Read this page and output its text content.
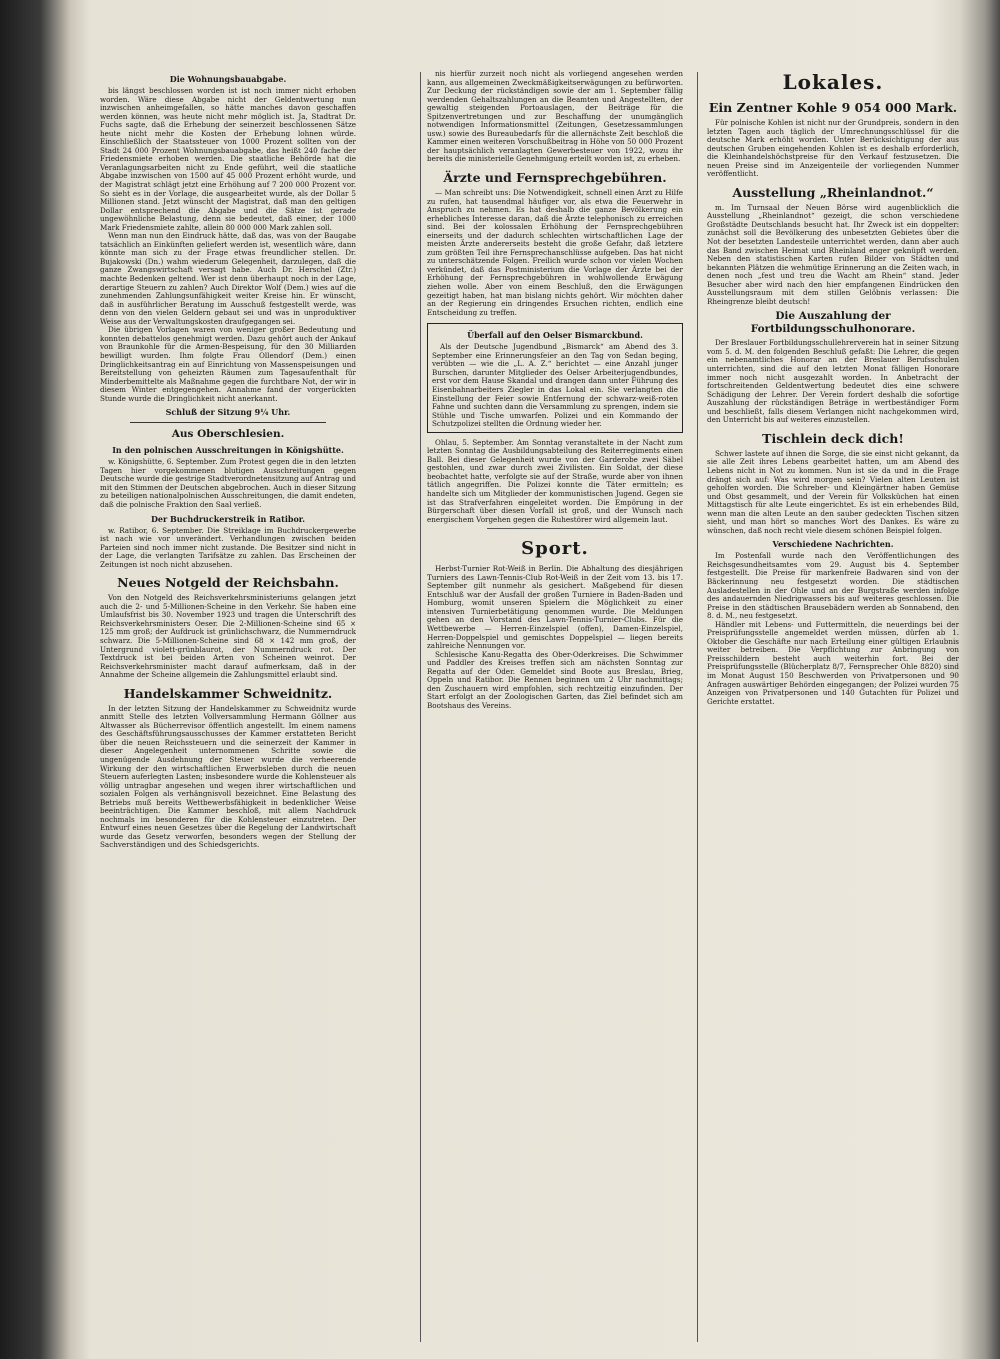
Die Wohnungsbauabgabe.

bis längst beschlossen worden ist ist noch immer nicht erhoben worden. Wäre diese Abgabe nicht der Geldentwertung nun inzwischen anheimgefallen, so hätte manches davon geschaffen werden können, was heute nicht mehr möglich ist. Ja, Stadtrat Dr. Fuchs sagte, daß die Erhebung der seinerzeit beschlossenen Sätze heute nicht mehr die Kosten der Erhebung lohnen würde. Einschließlich der Staatssteuer von 1000 Prozent sollten von der Stadt 24 000 Prozent Wohnungsbauabgabe, das heißt 240 fache der Friedensmiete erhoben werden. Die staatliche Behörde hat die Veranlagungsarbeiten nicht zu Ende geführt, weil die staatliche Abgabe inzwischen von 1500 auf 45 000 Prozent erhöht wurde, und der Magistrat schlägt jetzt eine Erhöhung auf 7 200 000 Prozent vor. So sieht es in der Vorlage, die ausgearbeitet wurde, als der Dollar 5 Millionen stand. Jetzt wünscht der Magistrat, daß man den geltigen Dollar entsprechend die Abgabe und die Sätze ist gerade ungewöhnliche Belastung, denn sie bedeutet, daß einer, der 1000 Mark Friedensmiete zahlte, allein 80 000 000 Mark zahlen soll.

Wenn man nun den Eindruck hätte, daß das, was von der Baugabe tatsächlich an Einkünften geliefert werden ist, wesentlich wäre, dann könnte man sich zu der Frage etwas freundlicher stellen. Dr. Bujakowski (Dn.) wahm wiederum Gelegenheit, darzulegen, daß die ganze Zwangswirtschaft versagt habe. Auch Dr. Herschel (Ztr.) machte Bedenken geltend. Wer ist denn überhaupt noch in der Lage, derartige Steuern zu zahlen? Auch Direktor Wolf (Dem.) wies auf die zunehmenden Zahlungsunfähigkeit weiter Kreise hin. Er wünscht, daß in ausführlicher Beratung im Ausschuß festgestellt werde, was denn von den vielen Geldern gebaut sei und was in unproduktiver Weise aus der Verwaltungskosten draufgegangen sei.

Die übrigen Vorlagen waren von weniger großer Bedeutung und konnten debattelos genehmigt werden. Dazu gehört auch der Ankauf von Braunkohle für die Armen-Bespeisung, für den 30 Milliarden bewilligt wurden. Ihm folgte Frau Ollendorf (Dem.) einen Dringlichkeitsantrag ein auf Einrichtung von Massenspeisungen und Bereitstellung von geheizten Räumen zum Tagesaufenthalt für Minderbemittelte als Maßnahme gegen die furchtbare Not, der wir in diesem Winter entgegengehen. Annahme fand der vorgerückten Stunde wurde die Dringlichkeit nicht anerkannt.

Schluß der Sitzung 9¼ Uhr.
Aus Oberschlesien.
In den polnischen Ausschreitungen in Königshütte.

w. Königshütte, 6. September. Zum Protest gegen die in den letzten Tagen hier vorgekommenen blutigen Ausschreitungen gegen Deutsche wurde die gestrige Stadtverordnetensitzung auf Antrag und mit den Stimmen der Deutschen abgebrochen. Auch in dieser Sitzung zu beteiligen nationalpolnischen Ausschreitungen, die damit endeten, daß die polnische Fraktion den Saal verließ.

Der Buchdruckerstreik in Ratibor.

w. Ratibor, 6. September. Die Streiklage im Buchdruckergewerbe ist nach wie vor unverändert. Verhandlungen zwischen beiden Parteien sind noch immer nicht zustande. Die Besitzer sind nicht in der Lage, die verlangten Tarifsätze zu zahlen. Das Erscheinen der Zeitungen ist noch nicht abzusehen.

Neues Notgeld der Reichsbahn.

Von den Notgeld des Reichsverkehrsministeriums gelangen jetzt auch die 2- und 5-Millionen-Scheine in den Verkehr. Sie haben eine Umlaufsfrist bis 30. November 1923 und tragen die Unterschrift des Reichsverkehrsministers Oeser. Die 2-Millionen-Scheine sind 65 × 125 mm groß; der Aufdruck ist grünlichschwarz, die Nummerndruck schwarz. Die 5-Millionen-Scheine sind 68 × 142 mm groß, der Untergrund violett-grünblaurot, der Nummerndruck rot. Der Textdruck ist bei beiden Arten von Scheinen weinrot. Der Reichsverkehrsminister macht darauf aufmerksam, daß in der Annahme der Scheine allgemein die Zahlungsmittel erlaubt sind.

Handelskammer Schweidnitz.

In der letzten Sitzung der Handelskammer zu Schweidnitz wurde anmitt Stelle des letzten Vollversammlung Hermann Göllner aus Altwasser als Bücherrevisor öffentlich angestellt. Im einem namens des Geschäftsführungsausschusses der Kammer erstatteten Bericht über die neuen Reichssteuern und die seinerzeit der Kammer in dieser Angelegenheit unternommenen Schritte sowie die ungenügende Ausdehnung der Steuer wurde die verheerende Wirkung der den wirtschaftlichen Erwerbsleben durch die neuen Steuern auferlegten Lasten; insbesondere wurde die Kohlensteuer als völlig untragbar angesehen und wegen ihrer wirtschaftlichen und sozialen Folgen als verhängnisvoll bezeichnet. Eine Belastung des Betriebs muß bereits Wettbewerbsfähigkeit in bedenklicher Weise beeinträchtigen. Die Kammer beschloß, mit allem Nachdruck nochmals im besonderen für die Kohlensteuer einzutreten. Der Entwurf eines neuen Gesetzes über die Regelung der Landwirtschaft wurde das Gesetz verworfen, besonders wegen der Stellung der Sachverständigen und des Schiedsgerichts.

nis hierfür zurzeit noch nicht als vorliegend angesehen werden kann, aus allgemeinen Zweckmäßigkeitserwägungen zu befürworten. Zur Deckung der rückständigen sowie der am 1. September fällig werdenden Gehaltszahlungen an die Beamten und Angestellten, der gewaltig steigenden Portoauslagen, der Beiträge für die Spitzenvertretungen und zur Beschaffung der unumgänglich notwendigen Informationsmittel (Zeitungen, Gesetzessammlungen usw.) sowie des Bureaubedarfs für die allernächste Zeit beschloß die Kammer einen weiteren Vorschußbeitrag in Höhe von 50 000 Prozent der hauptsächlich veranlagten Gewerbesteuer von 1922, wozu ihr bereits die ministerielle Genehmigung erteilt worden ist, zu erheben.

Ärzte und Fernsprechgebühren.

— Man schreibt uns: Die Notwendigkeit, schnell einen Arzt zu Hilfe zu rufen, hat tausendmal häufiger vor, als etwa die Feuerwehr in Anspruch zu nehmen. Es hat deshalb die ganze Bevölkerung ein erhebliches Interesse daran, daß die Ärzte telephonisch zu erreichen sind. Bei der kolossalen Erhöhung der Fernsprechgebühren einerseits und der dadurch schlechten wirtschaftlichen Lage der meisten Ärzte andererseits besteht die große Gefahr, daß letztere zum größten Teil ihre Fernsprechanschlüsse aufgeben. Das hat nicht zu unterschätzende Folgen. Freilich wurde schon vor vielen Wochen verkündet, daß das Postministerium die Vorlage der Ärzte bei der Erhöhung der Fernsprechgebühren in wohlwollende Erwägung ziehen wolle. Aber von einem Beschluß, den die Erwägungen gezeitigt haben, hat man bislang nichts gehört. Wir möchten daher an der Regierung ein dringendes Ersuchen richten, endlich eine Entscheidung zu treffen.

Überfall auf den Oelser Bismarckbund.

Als der Deutsche Jugendbund „Bismarck“ am Abend des 3. September eine Erinnerungsfeier an den Tag von Sedan beging, verübten — wie die „L. A. Z.“ berichtet — eine Anzahl junger Burschen, darunter Mitglieder des Oelser Arbeiterjugendbundes, erst vor dem Hause Skandal und drangen dann unter Führung des Eisenbahnarbeiters Ziegler in das Lokal ein. Sie verlangten die Einstellung der Feier sowie Entfernung der schwarz-weiß-roten Fahne und suchten dann die Versammlung zu sprengen, indem sie Stühle und Tische umwarfen. Polizei und ein Kommando der Schutzpolizei stellten die Ordnung wieder her.

Ohlau, 5. September. Am Sonntag veranstaltete in der Nacht zum letzten Sonntag die Ausbildungsabteilung des Reiterregiments einen Ball. Bei dieser Gelegenheit wurde von der Garderobe zwei Säbel gestohlen, und zwar durch zwei Zivilisten. Ein Soldat, der diese beobachtet hatte, verfolgte sie auf der Straße, wurde aber von ihnen tätlich angegriffen. Die Polizei konnte die Täter ermitteln; es handelte sich um Mitglieder der kommunistischen Jugend. Gegen sie ist das Strafverfahren eingeleitet worden. Die Empörung in der Bürgerschaft über diesen Vorfall ist groß, und der Wunsch nach energischem Vorgehen gegen die Ruhestörer wird allgemein laut.

Sport.

Herbst-Turnier Rot-Weiß in Berlin. Die Abhaltung des diesjährigen Turniers des Lawn-Tennis-Club Rot-Weiß in der Zeit vom 13. bis 17. September gilt nunmehr als gesichert. Maßgebend für diesen Entschluß war der Ausfall der großen Turniere in Baden-Baden und Homburg, womit unseren Spielern die Möglichkeit zu einer intensiven Turnierbetätigung genommen wurde. Die Meldungen gehen an den Vorstand des Lawn-Tennis-Turnier-Clubs. Für die Wettbewerbe — Herren-Einzelspiel (offen), Damen-Einzelspiel, Herren-Doppelspiel und gemischtes Doppelspiel — liegen bereits zahlreiche Nennungen vor.

Schlesische Kanu-Regatta des Ober-Oderkreises. Die Schwimmer und Paddler des Kreises treffen sich am nächsten Sonntag zur Regatta auf der Oder. Gemeldet sind Boote aus Breslau, Brieg, Oppeln und Ratibor. Die Rennen beginnen um 2 Uhr nachmittags; den Zuschauern wird empfohlen, sich rechtzeitig einzufinden. Der Start erfolgt an der Zoologischen Garten, das Ziel befindet sich am Bootshaus des Vereins.

Lokales.
Ein Zentner Kohle 9 054 000 Mark.

Für polnische Kohlen ist nicht nur der Grundpreis, sondern in den letzten Tagen auch täglich der Umrechnungsschlüssel für die deutsche Mark erhöht worden. Unter Berücksichtigung der aus deutschen Gruben eingehenden Kohlen ist es deshalb erforderlich, die Kleinhandelshöchstpreise für den Verkauf festzusetzen. Die neuen Preise sind im Anzeigenteile der vorliegenden Nummer veröffentlicht.

Ausstellung „Rheinlandnot.“

m. Im Turnsaal der Neuen Börse wird augenblicklich die Ausstellung „Rheinlandnot“ gezeigt, die schon verschiedene Großstädte Deutschlands besucht hat. Ihr Zweck ist ein doppelter: zunächst soll die Bevölkerung des unbesetzten Gebietes über die Not der besetzten Landesteile unterrichtet werden, dann aber auch das Band zwischen Heimat und Rheinland enger geknüpft werden. Neben den statistischen Karten rufen Bilder von Städten und bekannten Plätzen die wehmütige Erinnerung an die Zeiten wach, in denen noch „fest und treu die Wacht am Rhein“ stand. Jeder Besucher aber wird nach den hier empfangenen Eindrücken den Ausstellungsraum mit dem stillen Gelöbnis verlassen: Die Rheingrenze bleibt deutsch!

Die Auszahlung der Fortbildungsschulhonorare.

Der Breslauer Fortbildungsschullehrerverein hat in seiner Sitzung vom 5. d. M. den folgenden Beschluß gefaßt: Die Lehrer, die gegen ein nebenamtliches Honorar an der Breslauer Berufsschulen unterrichten, sind die auf den letzten Monat fälligen Honorare immer noch nicht ausgezahlt worden. In Anbetracht der fortschreitenden Geldentwertung bedeutet dies eine schwere Schädigung der Lehrer. Der Verein fordert deshalb die sofortige Auszahlung der rückständigen Beträge in wertbeständiger Form und beschließt, falls diesem Verlangen nicht nachgekommen wird, den Unterricht bis auf weiteres einzustellen.

Tischlein deck dich!

Schwer lastete auf ihnen die Sorge, die sie einst nicht gekannt, da sie alle Zeit ihres Lebens gearbeitet hatten, um am Abend des Lebens nicht in Not zu kommen. Nun ist sie da und in die Frage drängt sich auf: Was wird morgen sein? Vielen alten Leuten ist geholfen worden. Die Schreber- und Kleingärtner haben Gemüse und Obst gesammelt, und der Verein für Volksküchen hat einen Mittagstisch für alte Leute eingerichtet. Es ist ein erhebendes Bild, wenn man die alten Leute an den sauber gedeckten Tischen sitzen sieht, und man hört so manches Wort des Dankes. Es wäre zu wünschen, daß noch recht viele diesem schönen Beispiel folgen.

Verschiedene Nachrichten.

Im Postenfall wurde nach den Veröffentlichungen des Reichsgesundheitsamtes vom 29. August bis 4. September festgestellt. Die Preise für markenfreie Badwaren sind von der Bäckerinnung neu festgesetzt worden. Die städtischen Ausladestellen in der Ohle und an der Burgstraße werden infolge des andauernden Niedrigwassers bis auf weiteres geschlossen. Die Preise in den städtischen Brausebädern werden ab Sonnabend, den 8. d. M., neu festgesetzt.

Händler mit Lebens- und Futtermitteln, die neuerdings bei der Preisprüfungsstelle angemeldet werden müssen, dürfen ab 1. Oktober die Geschäfte nur nach Erteilung einer gültigen Erlaubnis weiter betreiben. Die Verpflichtung zur Anbringung von Preisschildern besteht auch weiterhin fort. Bei der Preisprüfungsstelle (Blücherplatz 8/7, Fernsprecher Ohle 8820) sind im Monat August 150 Beschwerden von Privatpersonen und 90 Anfragen auswärtiger Behörden eingegangen; der Polizei wurden 75 Anzeigen von Privatpersonen und 140 Gutachten für Polizei und Gerichte erstattet.
